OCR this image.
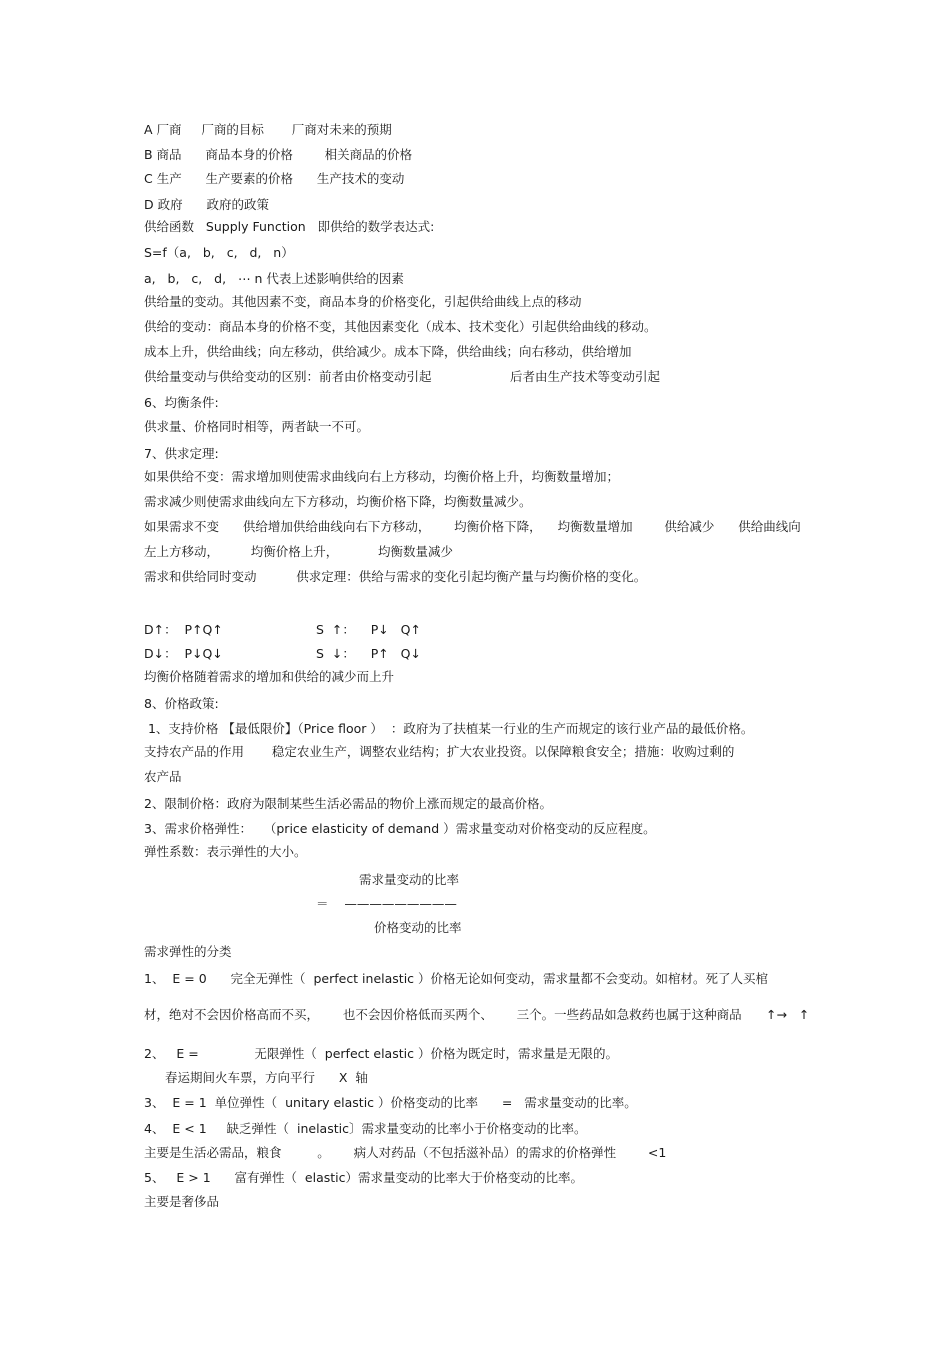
A 厂商     厂商的目标       厂商对未来的预期
B 商品      商品本身的价格        相关商品的价格
C 生产      生产要素的价格      生产技术的变动
D 政府      政府的政策
供给函数   Supply Function   即供给的数学表达式:
S=f（a,   b,   c,   d,   n）
a,   b,   c,   d,   ⋯ n 代表上述影响供给的因素
供给量的变动。其他因素不变，商品本身的价格变化，引起供给曲线上点的移动
供给的变动：商品本身的价格不变，其他因素变化（成本、技术变化）引起供给曲线的移动。
成本上升，供给曲线；向左移动，供给减少。成本下降，供给曲线；向右移动，供给增加
供给量变动与供给变动的区别：前者由价格变动引起	后者由生产技术等变动引起
6、均衡条件:
供求量、价格同时相等，两者缺一不可。
7、供求定理:
如果供给不变：需求增加则使需求曲线向右上方移动，均衡价格上升，均衡数量增加；
需求减少则使需求曲线向左下方移动，均衡价格下降，均衡数量减少。
如果需求不变      供给增加供给曲线向右下方移动，      均衡价格下降，    均衡数量增加        供给减少      供给曲线向
左上方移动，        均衡价格上升，          均衡数量减少
需求和供给同时变动          供求定理：供给与需求的变化引起均衡产量与均衡价格的变化。
D↑：  P↑Q↑	S  ↑：    P↓   Q↑
D↓：  P↓Q↓	S  ↓：    P↑   Q↓
均衡价格随着需求的增加和供给的减少而上升
8、价格政策:
1、支持价格 【最低限价】（Price floor ）  ：政府为了扶植某一行业的生产而规定的该行业产品的最低价格。
支持农产品的作用       稳定农业生产，调整农业结构；扩大农业投资。以保障粮食安全；措施：收购过剩的
农产品
2、限制价格：政府为限制某些生活必需品的物价上涨而规定的最高价格。
3、需求价格弹性：   （price elasticity of demand ）需求量变动对价格变动的反应程度。
弹性系数：表示弹性的大小。
需求量变动的比率
＝    —————————
价格变动的比率
需求弹性的分类
1、  E = 0      完全无弹性（  perfect inelastic ）价格无论如何变动，需求量都不会变动。如棺材。死了人买棺
材，绝对不会因价格高而不买，      也不会因价格低而买两个、      三个。一些药品如急救药也属于这种商品 ↑→   ↑
2、   E =              无限弹性（  perfect elastic ）价格为既定时，需求量是无限的。
春运期间火车票，方向平行      X  轴
3、  E = 1  单位弹性（  unitary elastic ）价格变动的比率      =   需求量变动的比率。
4、  E < 1     缺乏弹性（  inelastic〕需求量变动的比率小于价格变动的比率。
主要是生活必需品，粮食         。      病人对药品（不包括滋补品）的需求的价格弹性        <1
5、   E > 1      富有弹性（  elastic）需求量变动的比率大于价格变动的比率。
主要是奢侈品
